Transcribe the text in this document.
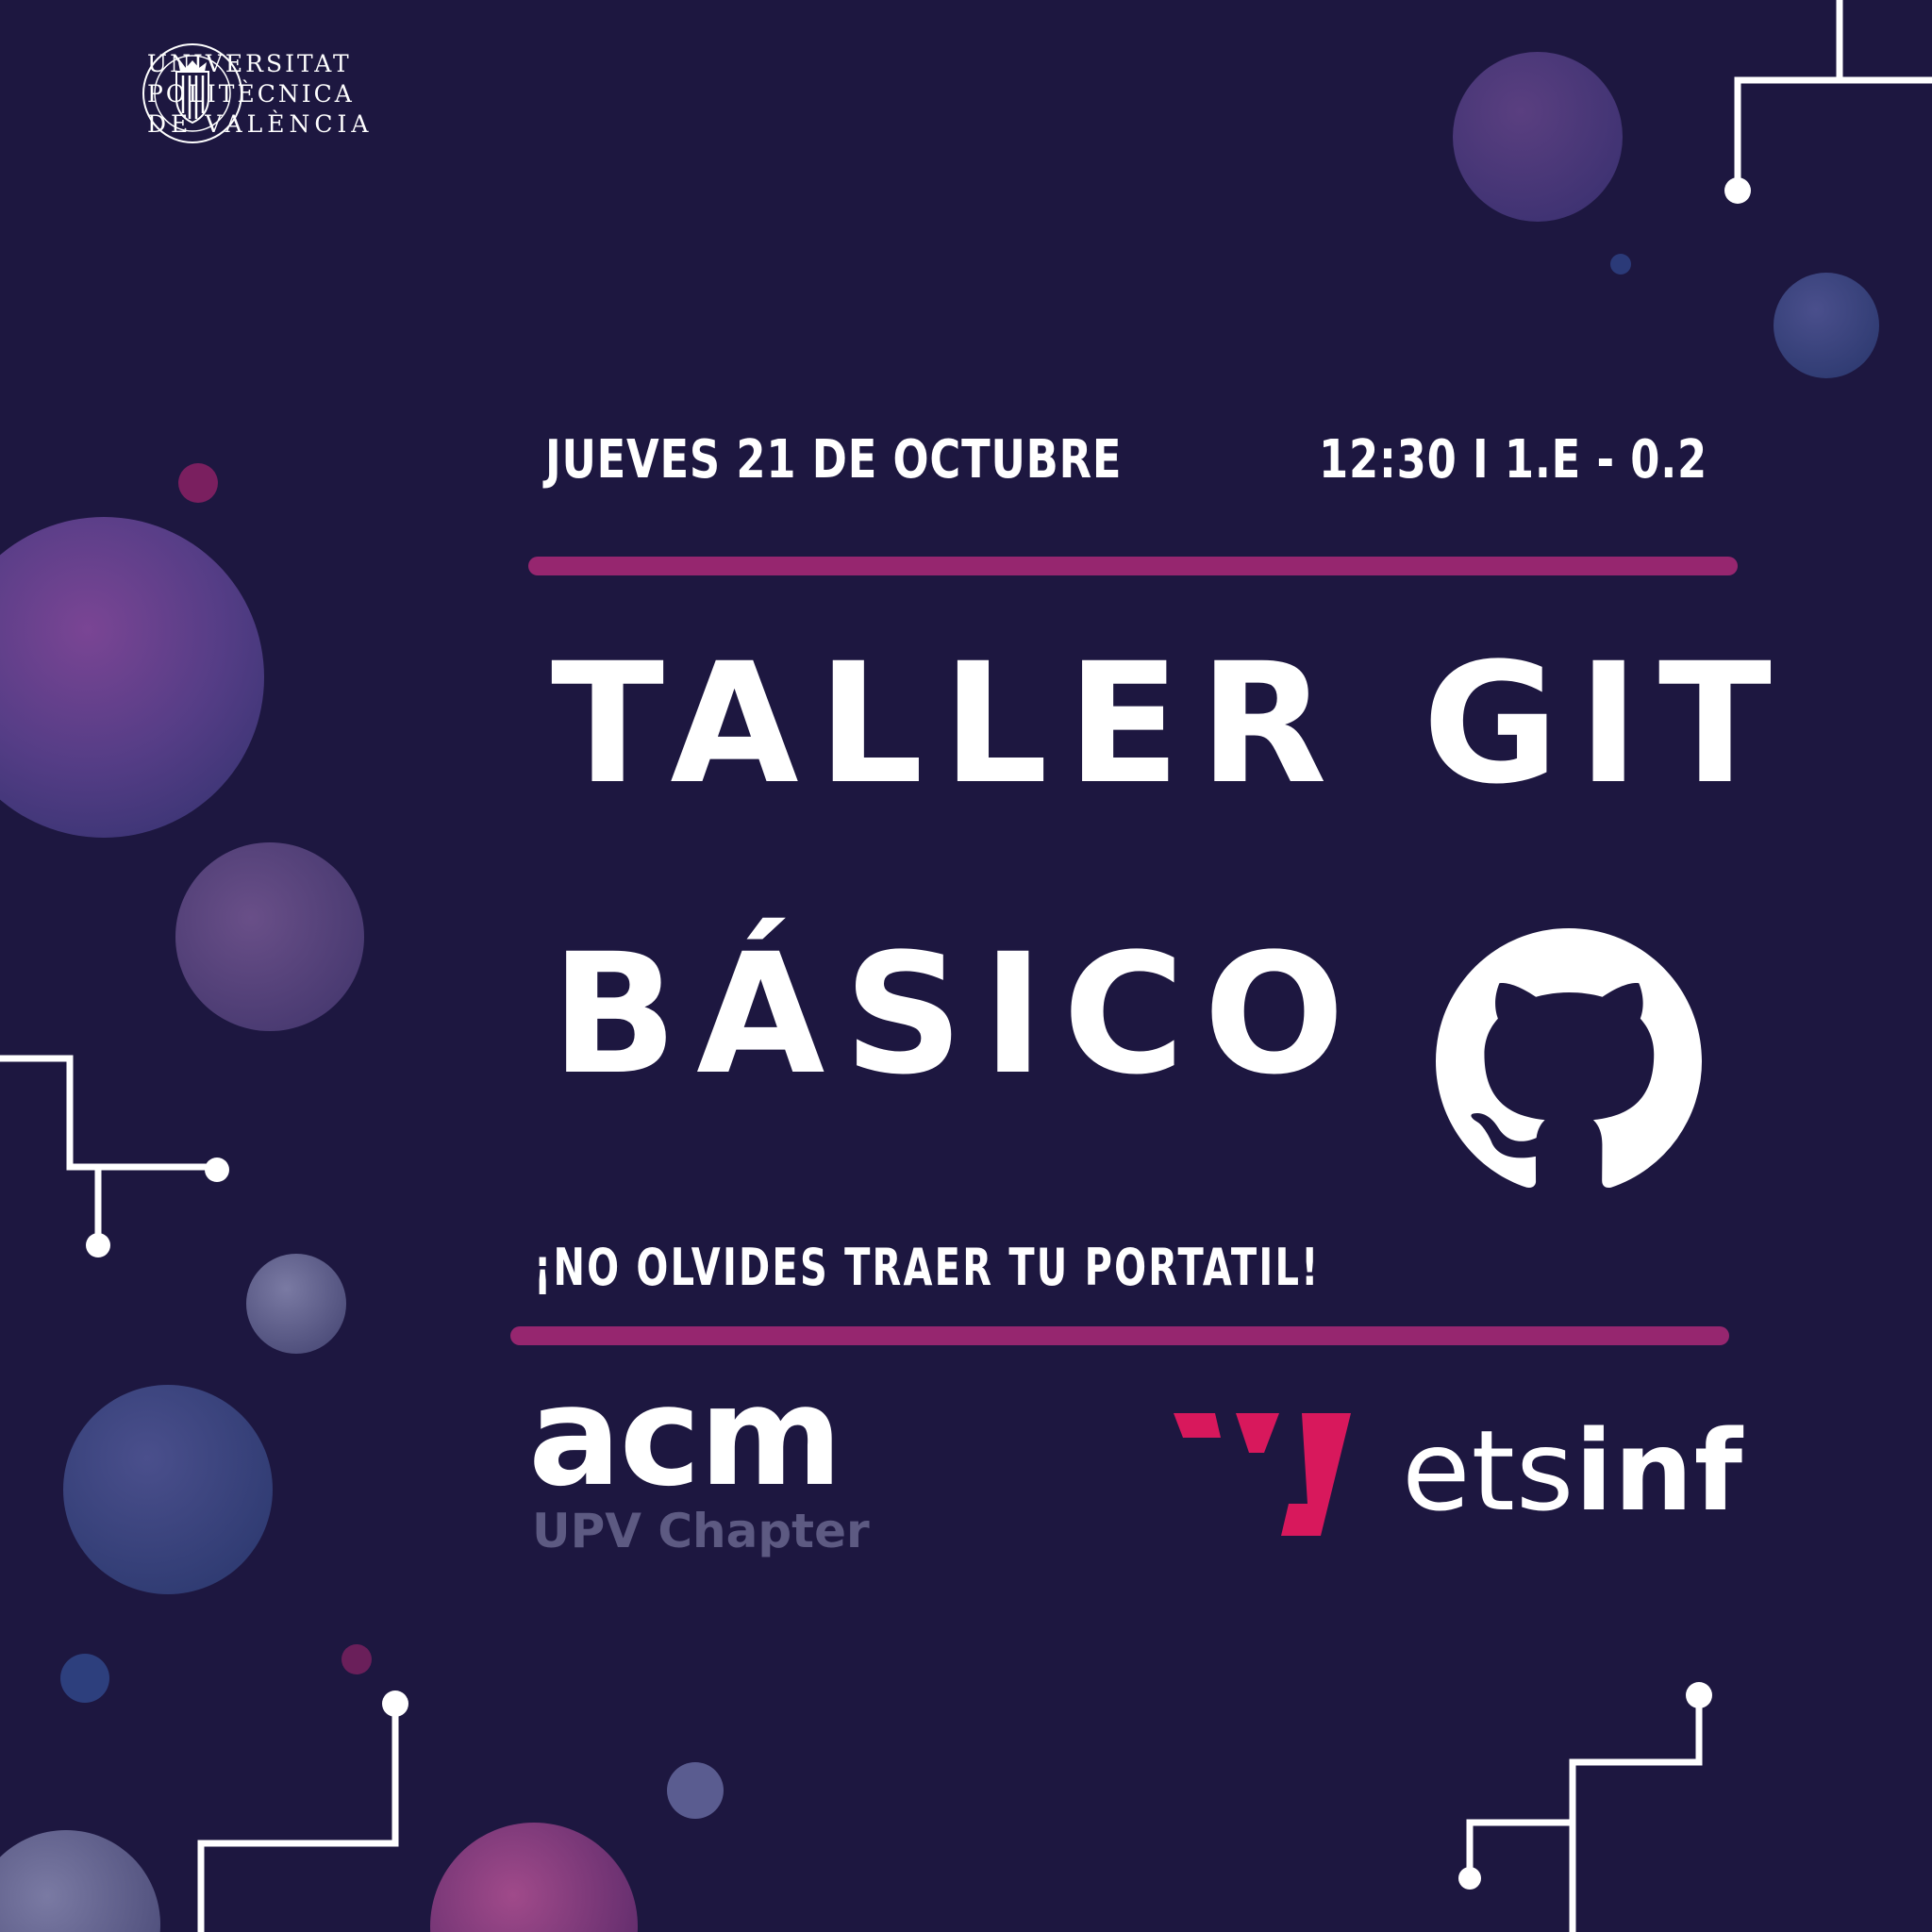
UNIVERSITAT
POLITÈCNICA
DE VALÈNCIA
JUEVES 21 DE OCTUBRE	12:30 I 1.E - 0.2
TALLER GIT
BÁSICO
¡NO OLVIDES TRAER TU PORTATIL!
acm
UPV Chapter	etsinf
